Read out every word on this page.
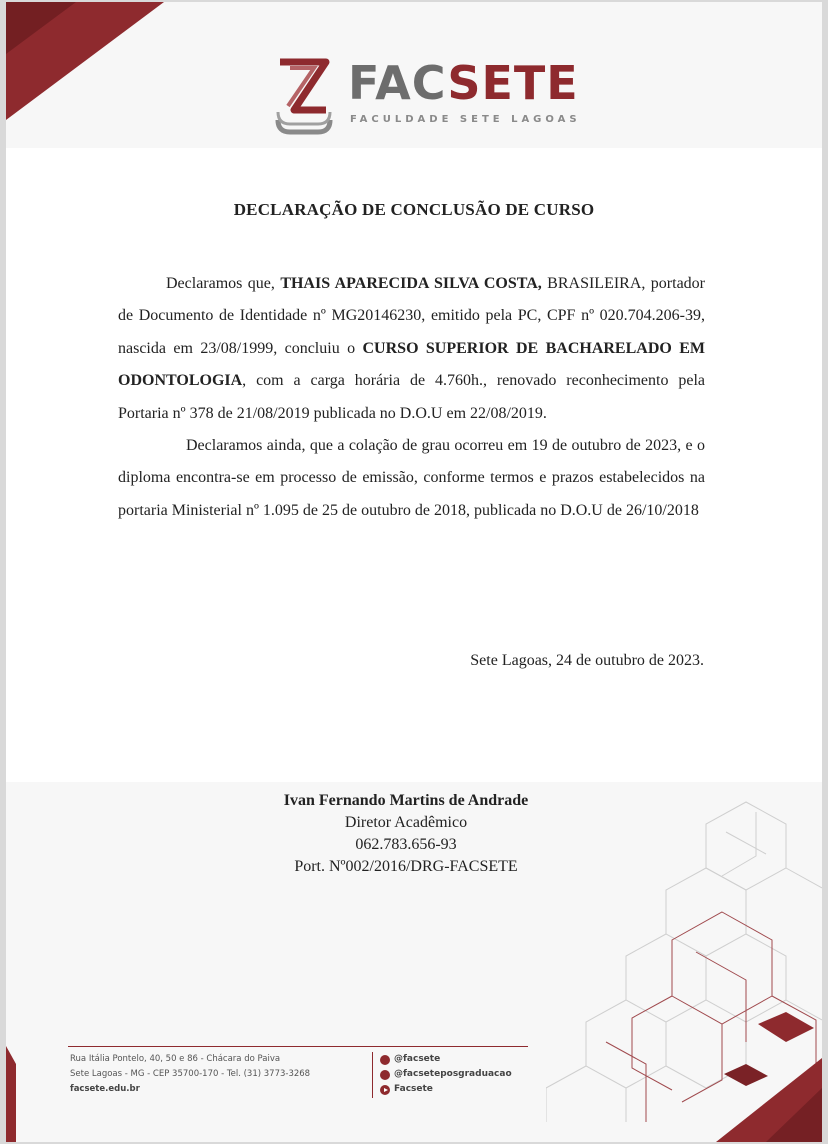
FACSETE
FACULDADE SETE LAGOAS
DECLARAÇÃO DE CONCLUSÃO DE CURSO

Declaramos que, THAIS APARECIDA SILVA COSTA, BRASILEIRA, portador de Documento de Identidade nº MG20146230, emitido pela PC, CPF nº 020.704.206-39, nascida em 23/08/1999, concluiu o CURSO SUPERIOR DE BACHARELADO EM ODONTOLOGIA, com a carga horária de 4.760h., renovado reconhecimento pela Portaria nº 378 de 21/08/2019 publicada no D.O.U em 22/08/2019.

Declaramos ainda, que a colação de grau ocorreu em 19 de outubro de 2023, e o diploma encontra-se em processo de emissão, conforme termos e prazos estabelecidos na portaria Ministerial nº 1.095 de 25 de outubro de 2018, publicada no D.O.U de 26/10/2018

Sete Lagoas, 24 de outubro de 2023.
Ivan Fernando Martins de Andrade
Diretor Acadêmico
062.783.656-93
Port. Nº002/2016/DRG-FACSETE
Rua Itália Pontelo, 40, 50 e 86 - Chácara do Paiva
Sete Lagoas - MG - CEP 35700-170 - Tel. (31) 3773-3268
facsete.edu.br
@facsete
@facseteposgraduacao
Facsete
